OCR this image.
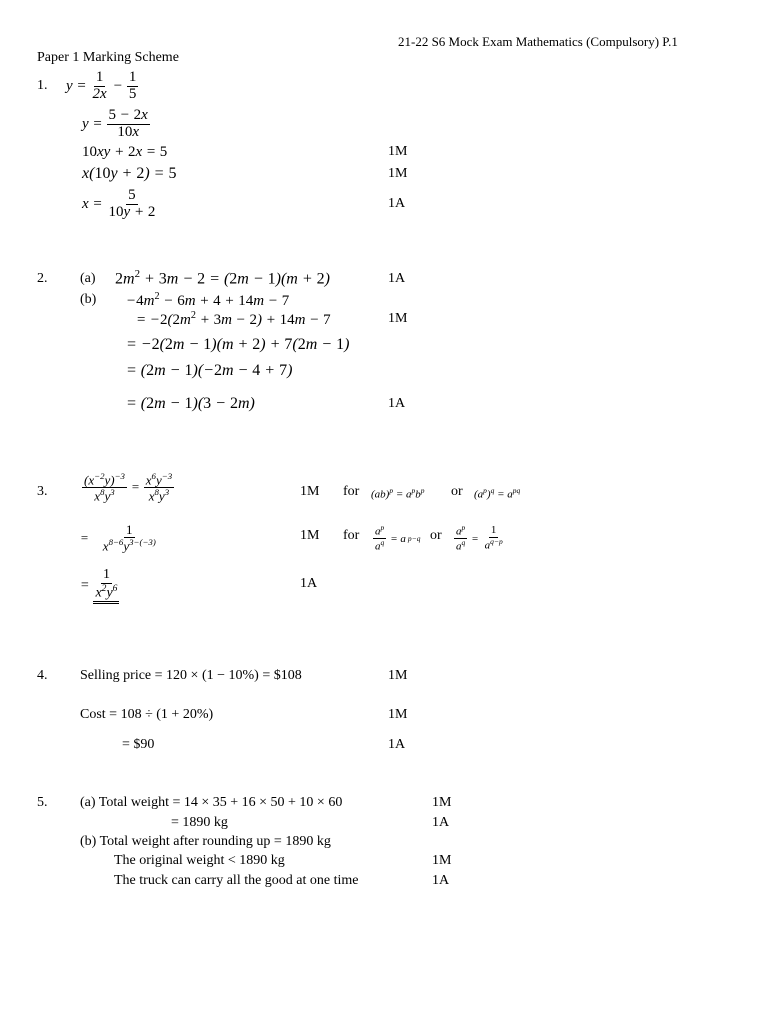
21-22 S6 Mock Exam Mathematics (Compulsory) P.1
Paper 1 Marking Scheme
1. $y = \frac{1}{2x} - \frac{1}{5}$
$y = \frac{5 - 2x}{10x}$
10xy + 2x = 5	1M
x(10y + 2) = 5	1M
$x = \frac{5}{10y + 2}$	1A
2. (a) $2m^2 + 3m - 2 = (2m - 1)(m + 2)$	1A
$(b) -4m^2 - 6m + 4 + 14m - 7$
= $-2(2m^2 + 3m - 2) + 14m - 7$	1M
= −2(2m − 1)(m + 2) + 7(2m − 1)
= (2m − 1)(−2m − 4 + 7)
= (2m − 1)(3 − 2m)	1A
3.	$\frac{(x^{-2}y)^{-3}}{x^8y^3} = \frac{x^6y^{-3}}{x^8y^3}$	1M for $(ab)^p = a^pb^p$ or $(a^p)^q = a^{pq}$
= $\frac{1}{x^{8-6}y^{3-(-3)}}$	1M for $\frac{a^p}{a^q} = a$ p−q or $\frac{a^p}{a^q} = \frac{1}{a^{q-p}}$
= $\frac{1}{x^2y^6}$	1A
4. Selling price = 120 × (1 − 10%) = $108	1M
Cost = 108 ÷ (1 + 20%)	1M
= $90	1A
5. (a) Total weight = 14 × 35 + 16 × 50 + 10 × 60	1M
= 1890 kg	1A
(b) Total weight after rounding up = 1890 kg
The original weight < 1890 kg	1M
The truck can carry all the good at one time	1A
